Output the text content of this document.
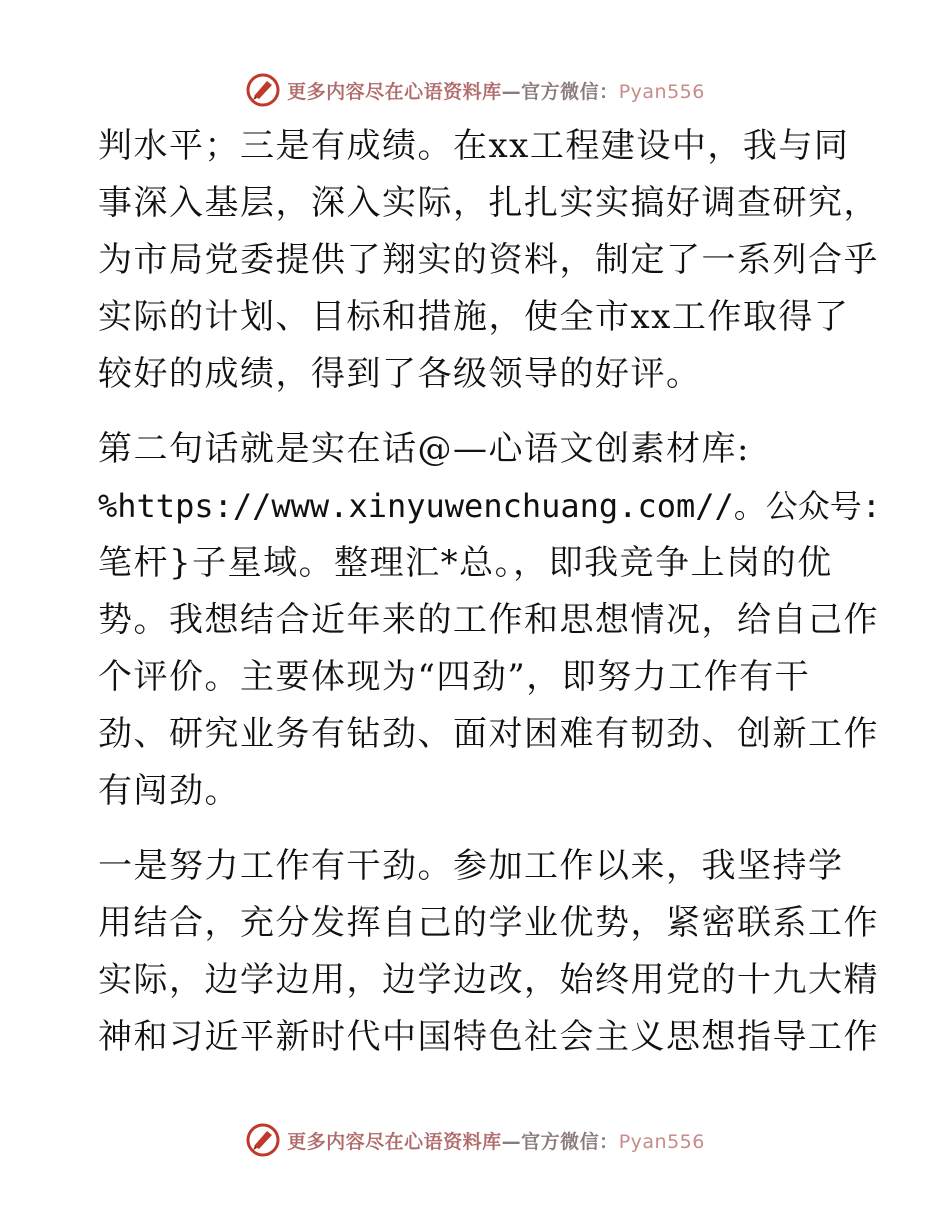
更多内容尽在心语资料库—官方微信：Pyan556
判水平；三是有成绩。在xx工程建设中，我与同
事深入基层，深入实际，扎扎实实搞好调查研究，
为市局党委提供了翔实的资料，制定了一系列合乎
实际的计划、目标和措施，使全市xx工作取得了
较好的成绩，得到了各级领导的好评。
第二句话就是实在话@—心语文创素材库:
%https://www.xinyuwenchuang.com//。公众号:
笔杆}子星域。整理汇*总。，即我竞争上岗的优
势。我想结合近年来的工作和思想情况，给自己作
个评价。主要体现为“四劲”，即努力工作有干
劲、研究业务有钻劲、面对困难有韧劲、创新工作
有闯劲。
一是努力工作有干劲。参加工作以来，我坚持学
用结合，充分发挥自己的学业优势，紧密联系工作
实际，边学边用，边学边改，始终用党的十九大精
神和习近平新时代中国特色社会主义思想指导工作
更多内容尽在心语资料库—官方微信：Pyan556
